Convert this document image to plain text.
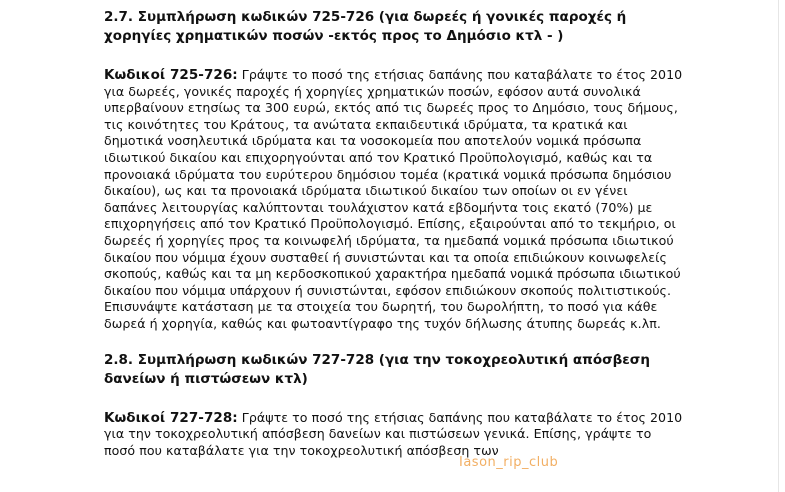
2.7. Συμπλήρωση κωδικών 725-726 (για δωρεές ή γονικές παροχές ή χορηγίες χρηματικών ποσών -εκτός προς το Δημόσιο κτλ - )

Κωδικοί 725-726: Γράψτε το ποσό της ετήσιας δαπάνης που καταβάλατε το έτος 2010 για δωρεές, γονικές παροχές ή χορηγίες χρηματικών ποσών, εφόσον αυτά συνολικά υπερβαίνουν ετησίως τα 300 ευρώ, εκτός από τις δωρεές προς το Δημόσιο, τους δήμους, τις κοινότητες του Κράτους, τα ανώτατα εκπαιδευτικά ιδρύματα, τα κρατικά και δημοτικά νοσηλευτικά ιδρύματα και τα νοσοκομεία που αποτελούν νομικά πρόσωπα ιδιωτικού δικαίου και επιχορηγούνται από τον Κρατικό Προϋπολογισμό, καθώς και τα προνοιακά ιδρύματα του ευρύτερου δημόσιου τομέα (κρατικά νομικά πρόσωπα δημόσιου δικαίου), ως και τα προνοιακά ιδρύματα ιδιωτικού δικαίου των οποίων οι εν γένει δαπάνες λειτουργίας καλύπτονται τουλάχιστον κατά εβδομήντα τοις εκατό (70%) με επιχορηγήσεις από τον Κρατικό Προϋπολογισμό. Επίσης, εξαιρούνται από το τεκμήριο, οι δωρεές ή χορηγίες προς τα κοινωφελή ιδρύματα, τα ημεδαπά νομικά πρόσωπα ιδιωτικού δικαίου που νόμιμα έχουν συσταθεί ή συνιστώνται και τα οποία επιδιώκουν κοινωφελείς σκοπούς, καθώς και τα μη κερδοσκοπικού χαρακτήρα ημεδαπά νομικά πρόσωπα ιδιωτικού δικαίου που νόμιμα υπάρχουν ή συνιστώνται, εφόσον επιδιώκουν σκοπούς πολιτιστικούς. Επισυνάψτε κατάσταση με τα στοιχεία του δωρητή, του δωρολήπτη, το ποσό για κάθε δωρεά ή χορηγία, καθώς και φωτοαντίγραφο της τυχόν δήλωσης άτυπης δωρεάς κ.λπ.

2.8. Συμπλήρωση κωδικών 727-728 (για την τοκοχρεολυτική απόσβεση δανείων ή πιστώσεων κτλ)

Κωδικοί 727-728: Γράψτε το ποσό της ετήσιας δαπάνης που καταβάλατε το έτος 2010 για την τοκοχρεολυτική απόσβεση δανείων και πιστώσεων γενικά. Επίσης, γράψτε το ποσό που καταβάλατε για την τοκοχρεολυτική απόσβεση των

Iason_rip_club
